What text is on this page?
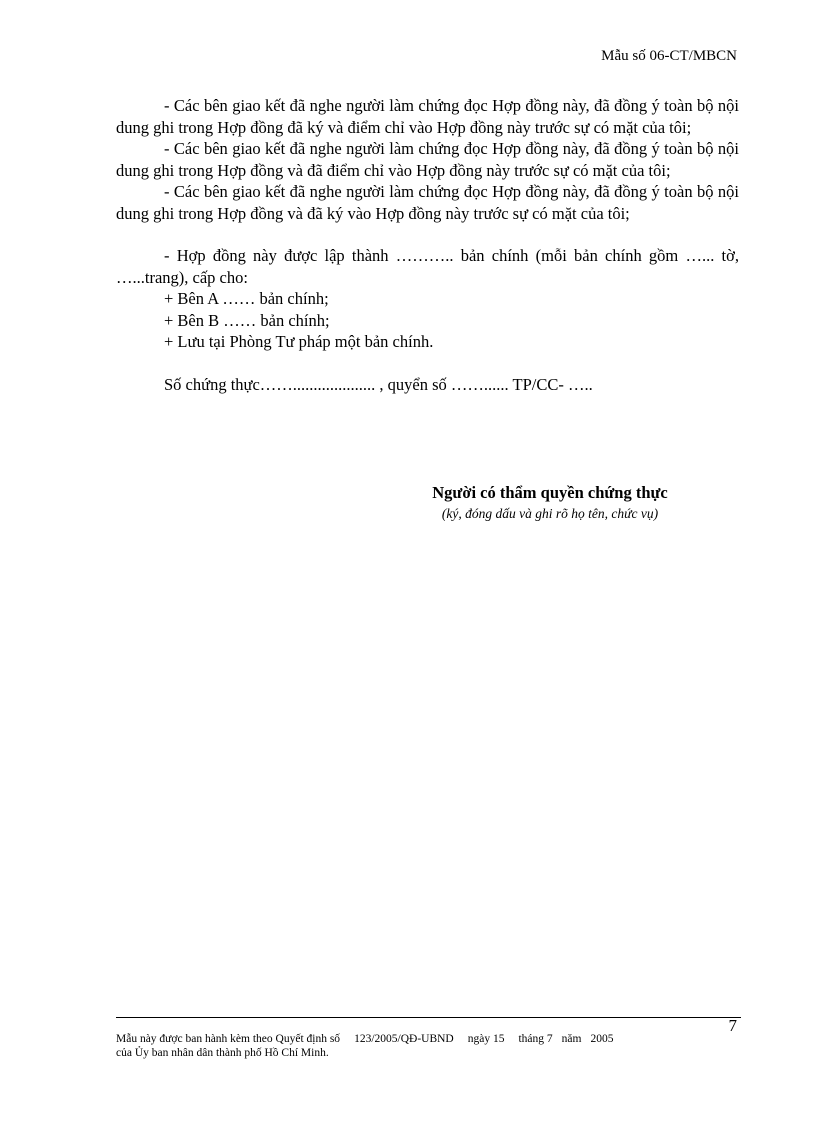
Mẫu số 06-CT/MBCN

- Các bên giao kết đã nghe người làm chứng đọc Hợp đồng này, đã đồng ý toàn bộ nội dung ghi trong Hợp đồng đã ký và điểm chỉ vào Hợp đồng này trước sự có mặt của tôi;

- Các bên giao kết đã nghe người làm chứng đọc Hợp đồng này, đã đồng ý toàn bộ nội dung ghi trong Hợp đồng và đã điểm chỉ vào Hợp đồng này trước sự có mặt của tôi;

- Các bên giao kết đã nghe người làm chứng đọc Hợp đồng này, đã đồng ý toàn bộ nội dung ghi trong Hợp đồng và đã ký vào Hợp đồng này trước sự có mặt của tôi;

- Hợp đồng này được lập thành ……….. bản chính (mỗi bản chính gồm …... tờ, …...trang), cấp cho:

+ Bên A …… bản chính;

+ Bên B …… bản chính;

+ Lưu tại Phòng Tư pháp một bản chính.

Số chứng thực…….................... , quyển số ……...... TP/CC- …..

Người có thẩm quyền chứng thực
(ký, đóng dấu và ghi rõ họ tên, chức vụ)
7
Mẫu này được ban hành kèm theo Quyết định số 123/2005/QĐ-UBND ngày 15 tháng 7 năm 2005
của Ủy ban nhân dân thành phố Hồ Chí Minh.
